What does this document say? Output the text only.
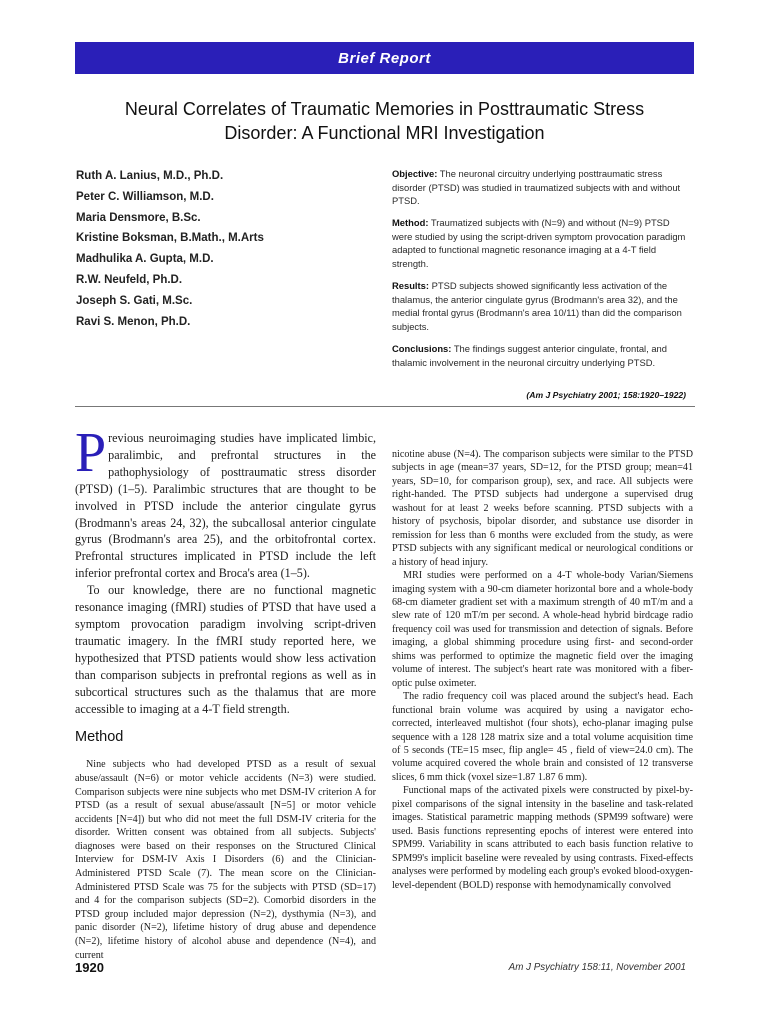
Brief Report
Neural Correlates of Traumatic Memories in Posttraumatic Stress
Disorder: A Functional MRI Investigation
Ruth A. Lanius, M.D., Ph.D.
Peter C. Williamson, M.D.
Maria Densmore, B.Sc.
Kristine Boksman, B.Math., M.Arts
Madhulika A. Gupta, M.D.
R.W. Neufeld, Ph.D.
Joseph S. Gati, M.Sc.
Ravi S. Menon, Ph.D.

Objective: The neuronal circuitry underlying posttraumatic stress disorder (PTSD) was studied in traumatized subjects with and without PTSD.

Method: Traumatized subjects with (N=9) and without (N=9) PTSD were studied by using the script-driven symptom provocation paradigm adapted to functional magnetic resonance imaging at a 4-T field strength.

Results: PTSD subjects showed significantly less activation of the thalamus, the anterior cingulate gyrus (Brodmann's area 32), and the medial frontal gyrus (Brodmann's area 10/11) than did the comparison subjects.

Conclusions: The findings suggest anterior cingulate, frontal, and thalamic involvement in the neuronal circuitry underlying PTSD.

(Am J Psychiatry 2001; 158:1920–1922)

Previous neuroimaging studies have implicated limbic, paralimbic, and prefrontal structures in the pathophysiology of posttraumatic stress disorder (PTSD) (1–5). Paralimbic structures that are thought to be involved in PTSD include the anterior cingulate gyrus (Brodmann's areas 24, 32), the subcallosal anterior cingulate gyrus (Brodmann's area 25), and the orbitofrontal cortex. Prefrontal structures implicated in PTSD include the left inferior prefrontal cortex and Broca's area (1–5).

To our knowledge, there are no functional magnetic resonance imaging (fMRI) studies of PTSD that have used a symptom provocation paradigm involving script-driven traumatic imagery. In the fMRI study reported here, we hypothesized that PTSD patients would show less activation than comparison subjects in prefrontal regions as well as in subcortical structures such as the thalamus that are more accessible to imaging at a 4-T field strength.

Method

Nine subjects who had developed PTSD as a result of sexual abuse/assault (N=6) or motor vehicle accidents (N=3) were studied. Comparison subjects were nine subjects who met DSM-IV criterion A for PTSD (as a result of sexual abuse/assault [N=5] or motor vehicle accidents [N=4]) but who did not meet the full DSM-IV criteria for the disorder. Written consent was obtained from all subjects. Subjects' diagnoses were based on their responses on the Structured Clinical Interview for DSM-IV Axis I Disorders (6) and the Clinician-Administered PTSD Scale (7). The mean score on the Clinician-Administered PTSD Scale was 75 for the subjects with PTSD (SD=17) and 4 for the comparison subjects (SD=2). Comorbid disorders in the PTSD group included major depression (N=2), dysthymia (N=3), and panic disorder (N=2), lifetime history of drug abuse and dependence (N=2), lifetime history of alcohol abuse and dependence (N=4), and current

nicotine abuse (N=4). The comparison subjects were similar to the PTSD subjects in age (mean=37 years, SD=12, for the PTSD group; mean=41 years, SD=10, for comparison group), sex, and race. All subjects were right-handed. The PTSD subjects had undergone a supervised drug washout for at least 2 weeks before scanning. PTSD subjects with a history of psychosis, bipolar disorder, and substance use disorder in remission for less than 6 months were excluded from the study, as were PTSD subjects with any significant medical or neurological conditions or a history of head injury.

MRI studies were performed on a 4-T whole-body Varian/Siemens imaging system with a 90-cm diameter horizontal bore and a whole-body 68-cm diameter gradient set with a maximum strength of 40 mT/m and a slew rate of 120 mT/m per second. A whole-head hybrid birdcage radio frequency coil was used for transmission and detection of signals. Before imaging, a global shimming procedure using first- and second-order shims was performed to optimize the magnetic field over the imaging volume of interest. The subject's heart rate was monitored with a fiber-optic pulse oximeter.

The radio frequency coil was placed around the subject's head. Each functional brain volume was acquired by using a navigator echo-corrected, interleaved multishot (four shots), echo-planar imaging pulse sequence with a 128 128 matrix size and a total volume acquisition time of 5 seconds (TE=15 msec, flip angle= 45 , field of view=24.0 cm). The volume acquired covered the whole brain and consisted of 12 transverse slices, 6 mm thick (voxel size=1.87 1.87 6 mm).

Functional maps of the activated pixels were constructed by pixel-by-pixel comparisons of the signal intensity in the baseline and task-related images. Statistical parametric mapping methods (SPM99 software) were used. Basis functions representing epochs of interest were entered into SPM99. Variability in scans attributed to each basis function relative to SPM99's implicit baseline were revealed by using contrasts. Fixed-effects analyses were performed by modeling each group's evoked blood-oxygen-level-dependent (BOLD) response with hemodynamically convolved

1920	Am J Psychiatry 158:11, November 2001
